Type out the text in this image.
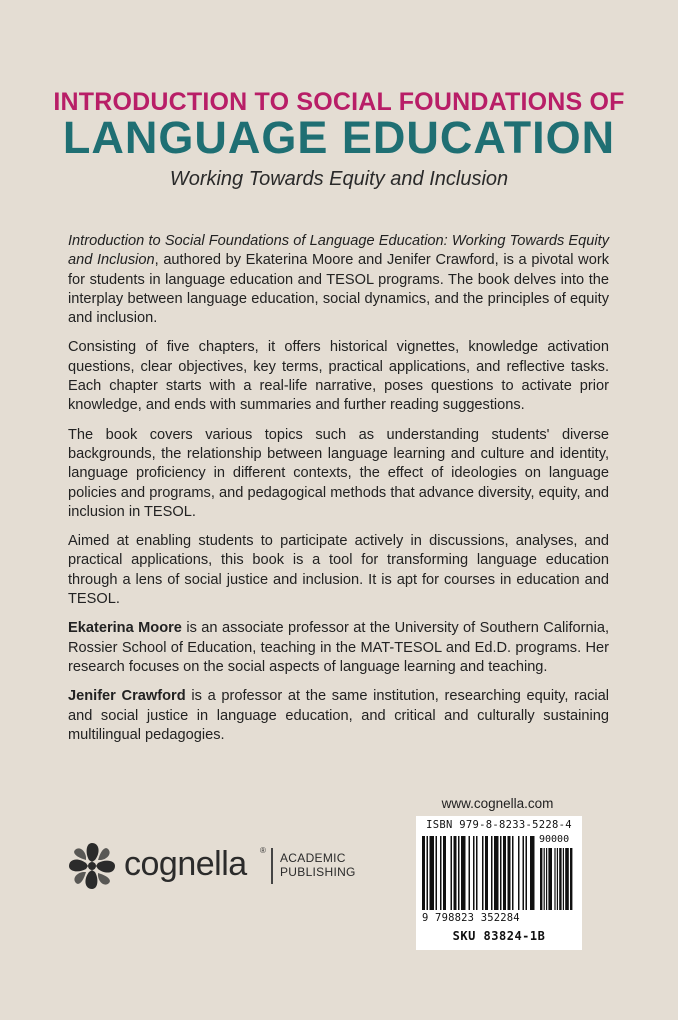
INTRODUCTION TO SOCIAL FOUNDATIONS OF
LANGUAGE EDUCATION
Working Towards Equity and Inclusion

Introduction to Social Foundations of Language Education: Working Towards Equity and Inclusion, authored by Ekaterina Moore and Jenifer Crawford, is a pivotal work for students in language education and TESOL programs. The book delves into the interplay between language education, social dynamics, and the principles of equity and inclusion.

Consisting of five chapters, it offers historical vignettes, knowledge activation questions, clear objectives, key terms, practical applications, and reflective tasks. Each chapter starts with a real-life narrative, poses questions to activate prior knowledge, and ends with summaries and further reading suggestions.

The book covers various topics such as understanding students' diverse backgrounds, the relationship between language learning and culture and identity, language proficiency in different contexts, the effect of ideologies on language policies and programs, and pedagogical methods that advance diversity, equity, and inclusion in TESOL.

Aimed at enabling students to participate actively in discussions, analyses, and practical applications, this book is a tool for transforming language education through a lens of social justice and inclusion. It is apt for courses in education and TESOL.

Ekaterina Moore is an associate professor at the University of Southern California, Rossier School of Education, teaching in the MAT-TESOL and Ed.D. programs. Her research focuses on the social aspects of language learning and teaching.

Jenifer Crawford is a professor at the same institution, researching equity, racial and social justice in language education, and critical and culturally sustaining multilingual pedagogies.

cognella ®
ACADEMIC
PUBLISHING
www.cognella.com
ISBN 979-8-8233-5228-4
90000
9 798823 352284
SKU 83824-1B
